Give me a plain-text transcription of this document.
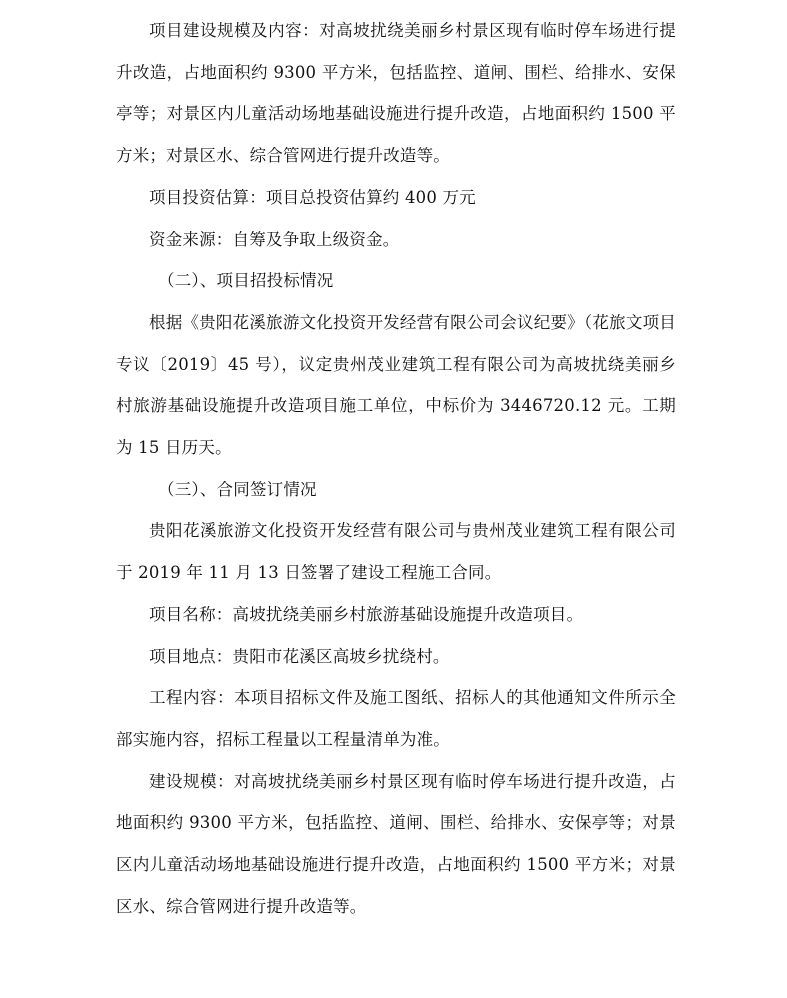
项目建设规模及内容：对高坡扰绕美丽乡村景区现有临时停车场进行提升改造，占地面积约 9300 平方米，包括监控、道闸、围栏、给排水、安保亭等；对景区内儿童活动场地基础设施进行提升改造，占地面积约 1500 平方米；对景区水、综合管网进行提升改造等。

项目投资估算：项目总投资估算约 400 万元

资金来源：自筹及争取上级资金。

（二）、项目招投标情况

根据《贵阳花溪旅游文化投资开发经营有限公司会议纪要》（花旅文项目专议〔2019〕45 号），议定贵州茂业建筑工程有限公司为高坡扰绕美丽乡村旅游基础设施提升改造项目施工单位，中标价为 3446720.12 元。工期为 15 日历天。

（三）、合同签订情况

贵阳花溪旅游文化投资开发经营有限公司与贵州茂业建筑工程有限公司于 2019 年 11 月 13 日签署了建设工程施工合同。

项目名称：高坡扰绕美丽乡村旅游基础设施提升改造项目。

项目地点：贵阳市花溪区高坡乡扰绕村。

工程内容：本项目招标文件及施工图纸、招标人的其他通知文件所示全部实施内容，招标工程量以工程量清单为准。

建设规模：对高坡扰绕美丽乡村景区现有临时停车场进行提升改造，占地面积约 9300 平方米，包括监控、道闸、围栏、给排水、安保亭等；对景区内儿童活动场地基础设施进行提升改造，占地面积约 1500 平方米；对景区水、综合管网进行提升改造等。
